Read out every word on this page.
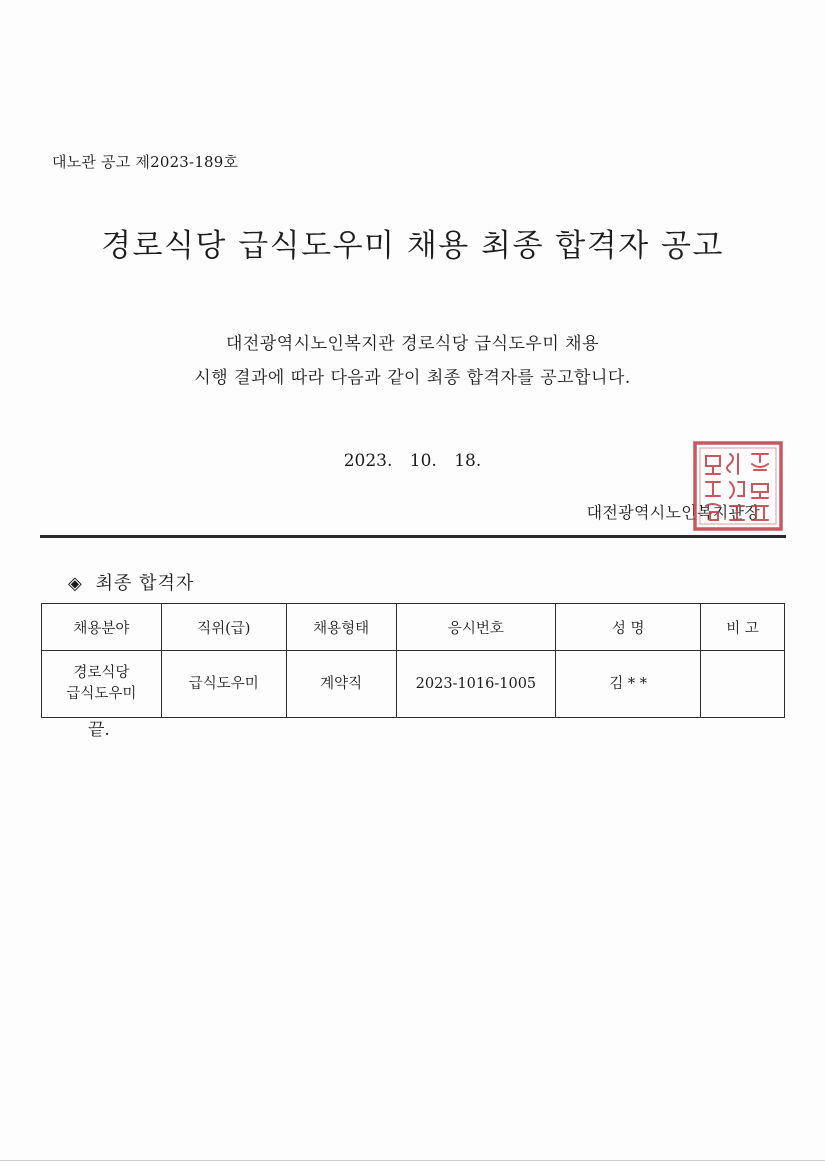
대노관 공고 제2023-189호
경로식당 급식도우미 채용 최종 합격자 공고
대전광역시노인복지관 경로식당 급식도우미 채용
시행 결과에 따라 다음과 같이 최종 합격자를 공고합니다.
2023. 10. 18.
대전광역시노인복지관장
◈ 최종 합격자
채용분야	직위(급)	채용형태	응시번호	성 명	비 고

경로식당
급식도우미	급식도우미	계약직	2023-1016-1005	김 * *	
끝.
